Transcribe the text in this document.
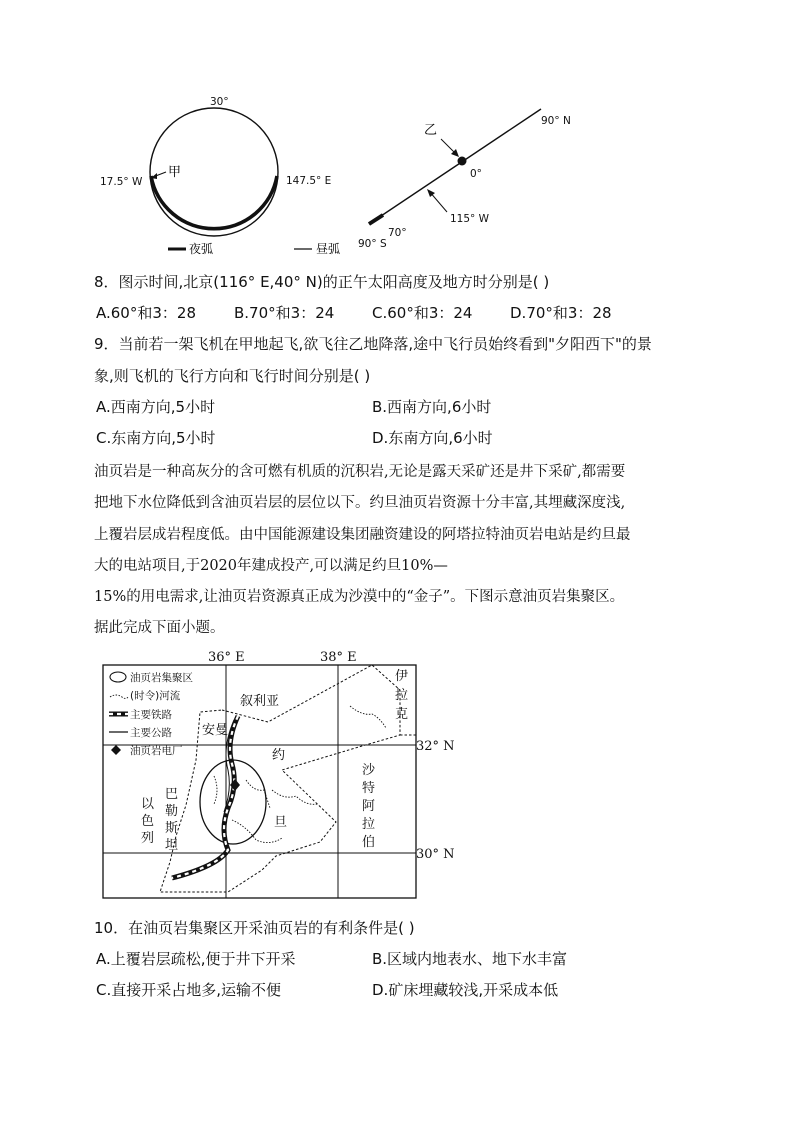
30°
17.5° W
甲
147.5° E
夜弧	昼弧
乙
90° N
0°
115° W
70°
90° S
8．图示时间,北京(116° E,40° N)的正午太阳高度及地方时分别是( )
A.60°和3：28	B.70°和3：24	C.60°和3：24	D.70°和3：28
9．当前若一架飞机在甲地起飞,欲飞往乙地降落,途中飞行员始终看到"夕阳西下"的景
象,则飞机的飞行方向和飞行时间分别是( )
A.西南方向,5小时	B.西南方向,6小时
C.东南方向,5小时	D.东南方向,6小时
油页岩是一种高灰分的含可燃有机质的沉积岩,无论是露天采矿还是井下采矿,都需要
把地下水位降低到含油页岩层的层位以下。约旦油页岩资源十分丰富,其埋藏深度浅,
上覆岩层成岩程度低。由中国能源建设集团融资建设的阿塔拉特油页岩电站是约旦最
大的电站项目,于2020年建成投产,可以满足约旦10%—
15%的用电需求,让油页岩资源真正成为沙漠中的“金子”。下图示意油页岩集聚区。
据此完成下面小题。
油页岩集聚区
(时令)河流
主要铁路
主要公路
油页岩电厂
36° E	38° E
32° N
30° N
叙利亚
伊
拉
克
安曼
约
旦
沙
特
阿
拉
伯
巴
勒
斯
坦
以
色
列
10．在油页岩集聚区开采油页岩的有利条件是( )
A.上覆岩层疏松,便于井下开采	B.区域内地表水、地下水丰富
C.直接开采占地多,运输不便	D.矿床埋藏较浅,开采成本低
